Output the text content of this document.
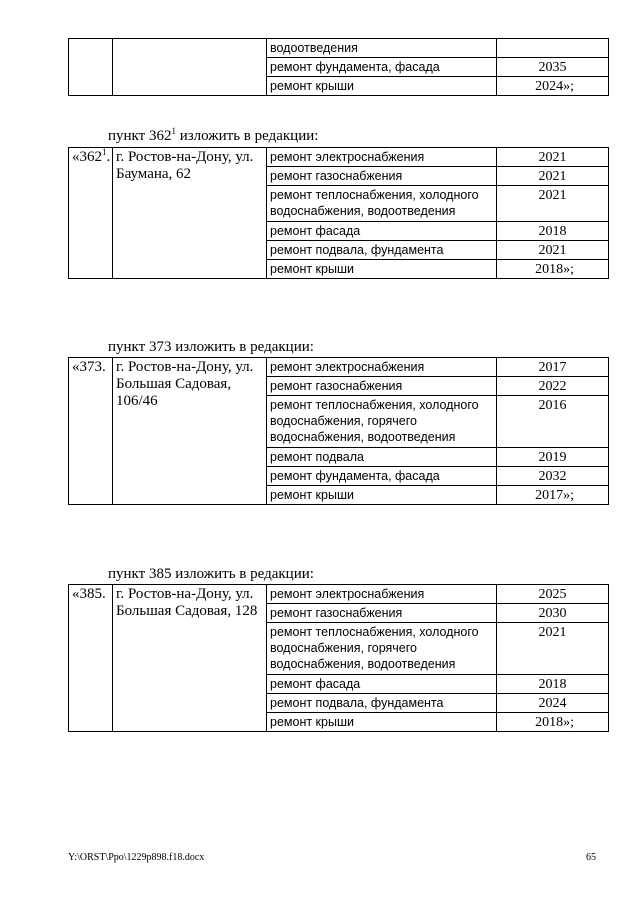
		водоотведения	
		ремонт фундамента, фасада	2035
		ремонт крыши	2024»;
пункт $362^1$ изложить в редакции:
«$362^1$.	г. Ростов-на-Дону, ул. Баумана, 62	ремонт электроснабжения	2021
		ремонт газоснабжения	2021
		ремонт теплоснабжения, холодного водоснабжения, водоотведения	2021
		ремонт фасада	2018
		ремонт подвала, фундамента	2021
		ремонт крыши	2018»;
пункт 373 изложить в редакции:
«373.	г. Ростов-на-Дону, ул. Большая Садовая, 106/46	ремонт электроснабжения	2017
		ремонт газоснабжения	2022
		ремонт теплоснабжения, холодного водоснабжения, горячего водоснабжения, водоотведения	2016
		ремонт подвала	2019
		ремонт фундамента, фасада	2032
		ремонт крыши	2017»;
пункт 385 изложить в редакции:
«385.	г. Ростов-на-Дону, ул. Большая Садовая, 128	ремонт электроснабжения	2025
		ремонт газоснабжения	2030
		ремонт теплоснабжения, холодного водоснабжения, горячего водоснабжения, водоотведения	2021
		ремонт фасада	2018
		ремонт подвала, фундамента	2024
		ремонт крыши	2018»;
Y:\ORST\Ppo\1229p898.f18.docx	65
